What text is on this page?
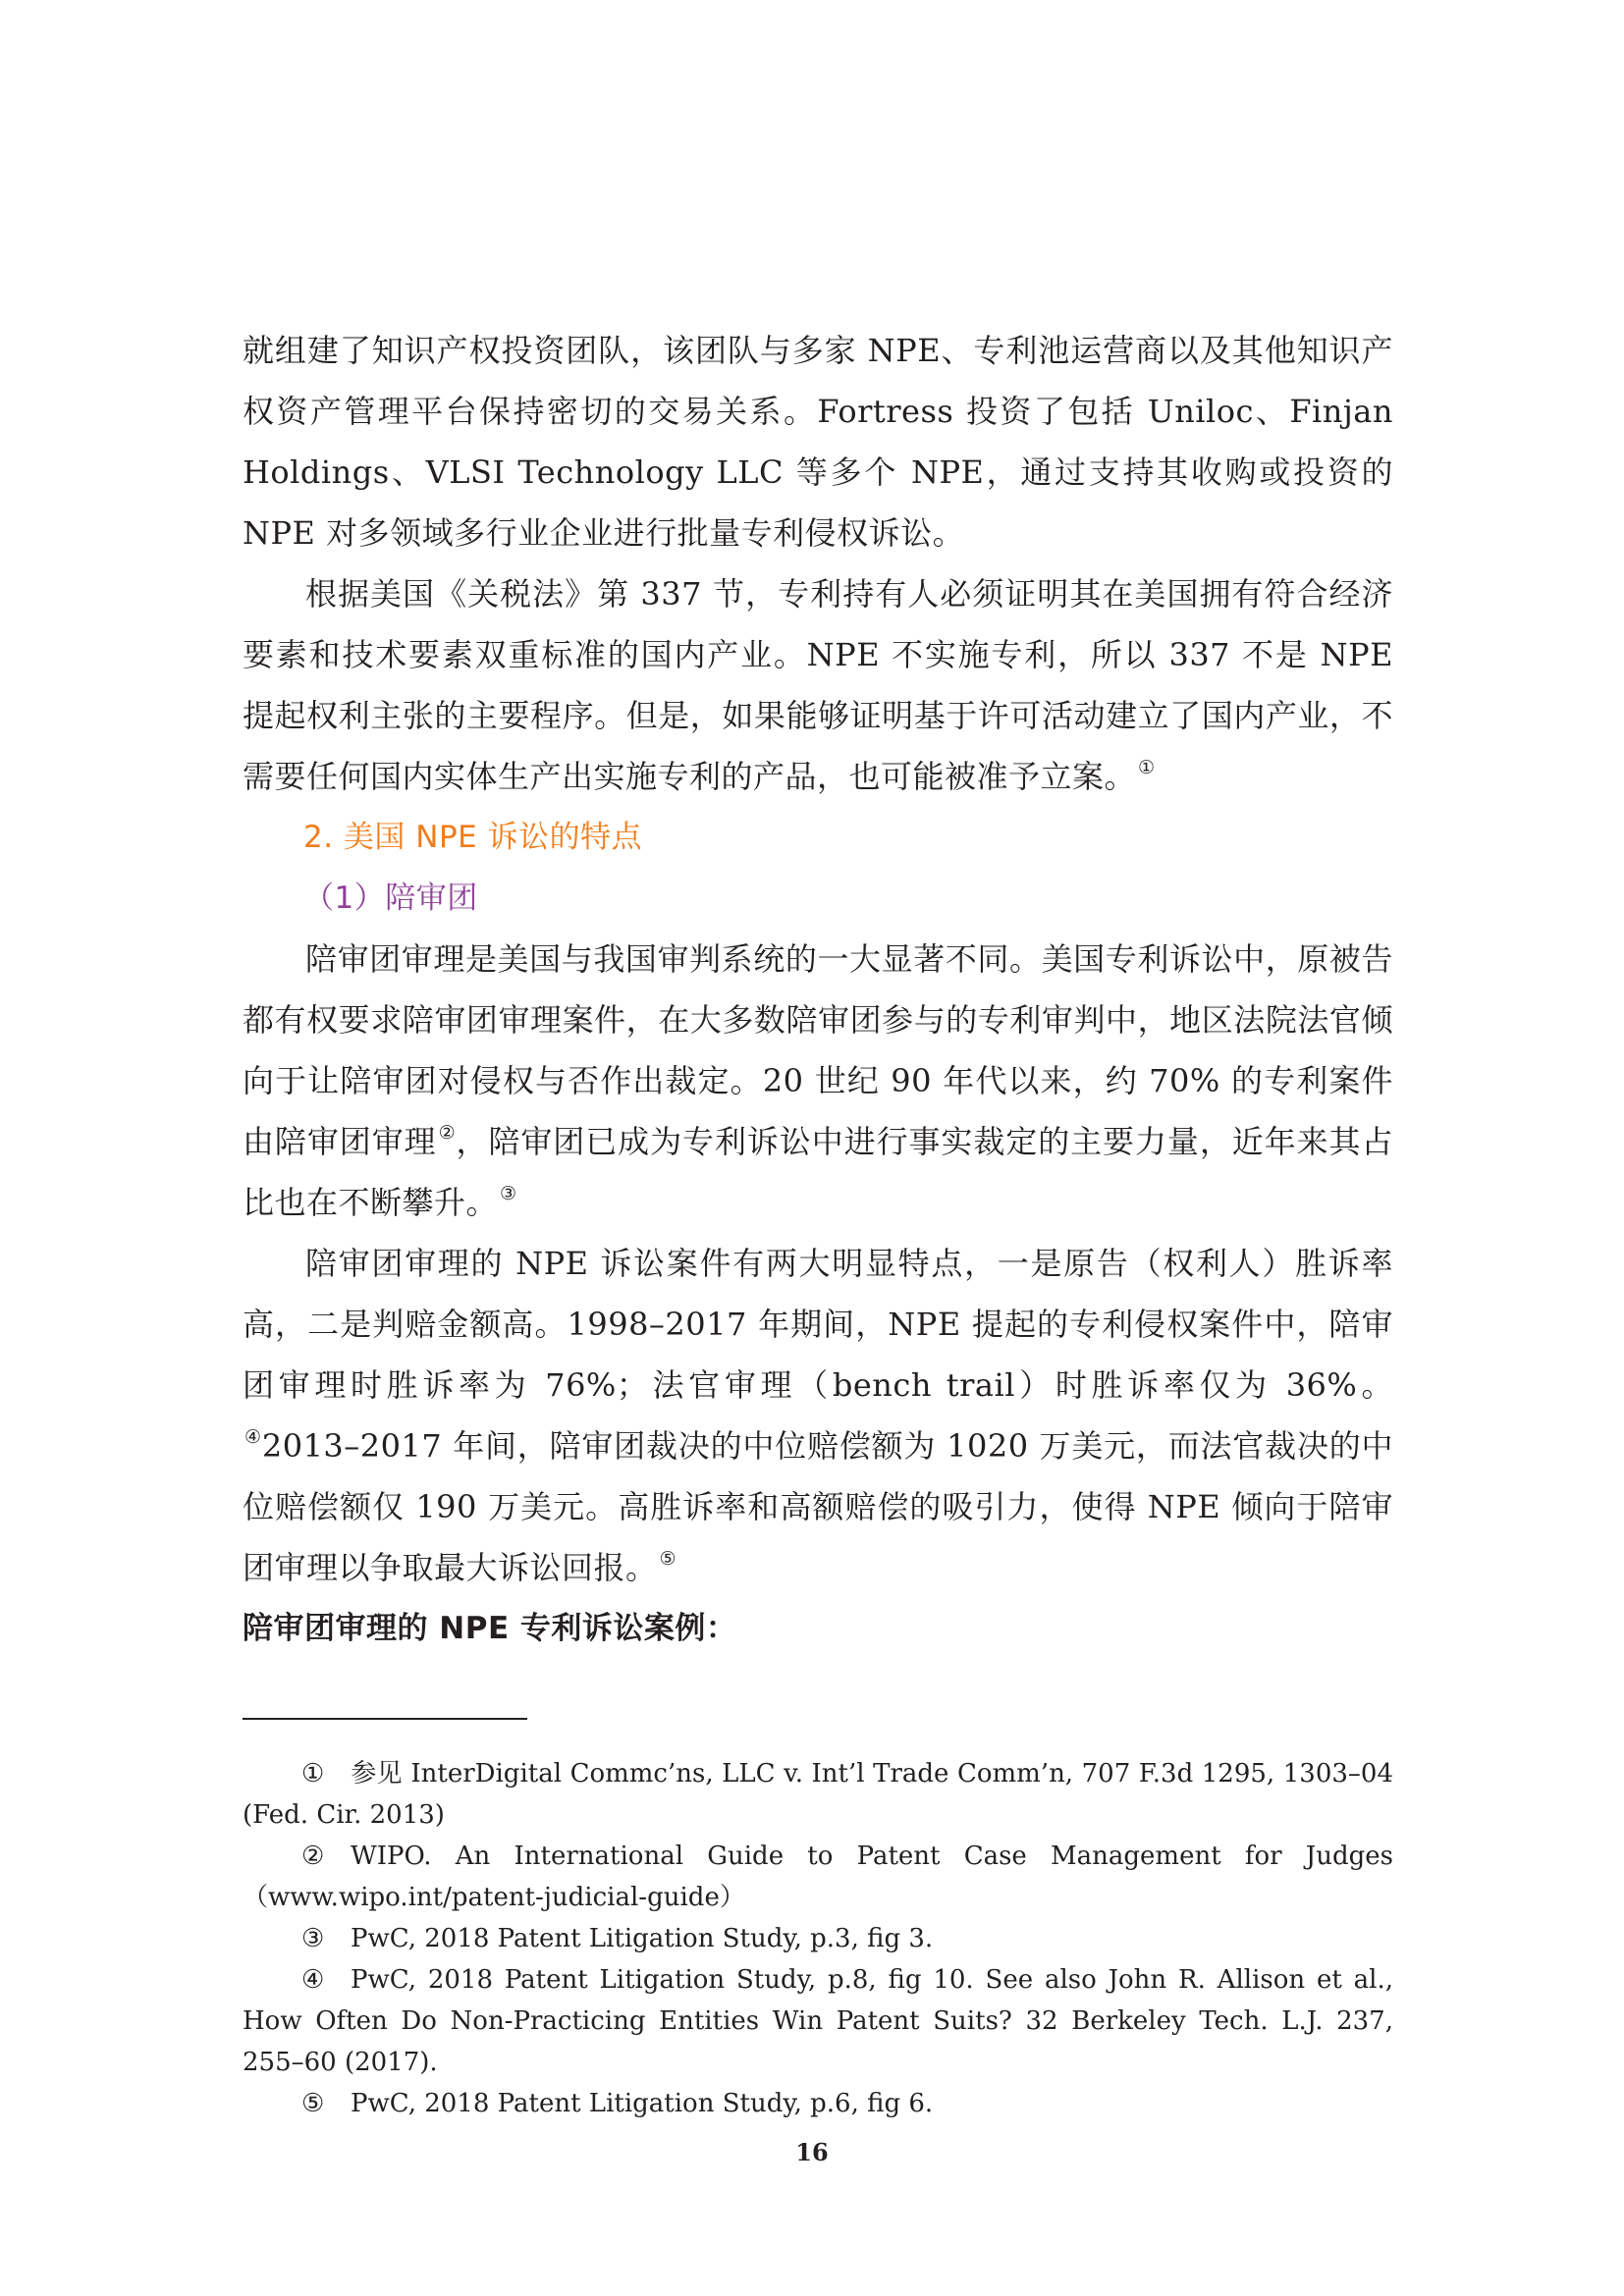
就组建了知识产权投资团队，该团队与多家 NPE、专利池运营商以及其他知识产权资产管理平台保持密切的交易关系。Fortress 投资了包括 Uniloc、Finjan Holdings、VLSI Technology LLC 等多个 NPE，通过支持其收购或投资的 NPE 对多领域多行业企业进行批量专利侵权诉讼。

根据美国《关税法》第 337 节，专利持有人必须证明其在美国拥有符合经济要素和技术要素双重标准的国内产业。NPE 不实施专利，所以 337 不是 NPE 提起权利主张的主要程序。但是，如果能够证明基于许可活动建立了国内产业，不需要任何国内实体生产出实施专利的产品，也可能被准予立案。 ①

2. 美国 NPE 诉讼的特点
（1）陪审团

陪审团审理是美国与我国审判系统的一大显著不同。美国专利诉讼中，原被告都有权要求陪审团审理案件，在大多数陪审团参与的专利审判中，地区法院法官倾向于让陪审团对侵权与否作出裁定。20 世纪 90 年代以来，约 70% 的专利案件由陪审团审理 ②，陪审团已成为专利诉讼中进行事实裁定的主要力量，近年来其占比也在不断攀升。 ③

陪审团审理的 NPE 诉讼案件有两大明显特点，一是原告（权利人）胜诉率高，二是判赔金额高。1998–2017 年期间，NPE 提起的专利侵权案件中，陪审团审理时胜诉率为 76%；法官审理（bench trail）时胜诉率仅为 36%。④2013–2017 年间，陪审团裁决的中位赔偿额为 1020 万美元，而法官裁决的中位赔偿额仅 190 万美元。高胜诉率和高额赔偿的吸引力，使得 NPE 倾向于陪审团审理以争取最大诉讼回报。 ⑤

陪审团审理的 NPE 专利诉讼案例：

① 参见 InterDigital Commc’ns, LLC v. Int’l Trade Comm’n, 707 F.3d 1295, 1303–04 (Fed. Cir. 2013)

② WIPO. An International Guide to Patent Case Management for Judges（www.wipo.int/patent-judicial-guide）

③ PwC, 2018 Patent Litigation Study, p.3, fig 3.

④ PwC, 2018 Patent Litigation Study, p.8, fig 10. See also John R. Allison et al., How Often Do Non-Practicing Entities Win Patent Suits? 32 Berkeley Tech. L.J. 237, 255–60 (2017).

⑤ PwC, 2018 Patent Litigation Study, p.6, fig 6.

16
